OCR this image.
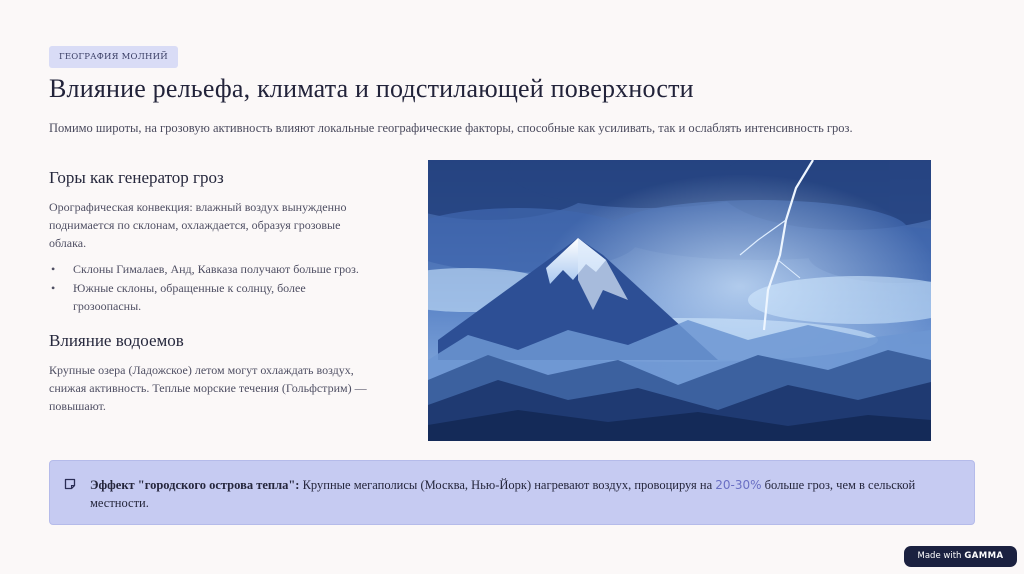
ГЕОГРАФИЯ МОЛНИЙ
Влияние рельефа, климата и подстилающей поверхности

Помимо широты, на грозовую активность влияют локальные географические факторы, способные как усиливать, так и ослаблять интенсивность гроз.

Горы как генератор гроз

Орографическая конвекция: влажный воздух вынужденно поднимается по склонам, охлаждается, образуя грозовые облака.

• Склоны Гималаев, Анд, Кавказа получают больше гроз.
• Южные склоны, обращенные к солнцу, более грозоопасны.
Влияние водоемов

Крупные озера (Ладожское) летом могут охлаждать воздух, снижая активность. Теплые морские течения (Гольфстрим) — повышают.

Эффект "городского острова тепла": Крупные мегаполисы (Москва, Нью-Йорк) нагревают воздух, провоцируя на 20-30% больше гроз, чем в сельской местности.

Made with GAMMA
